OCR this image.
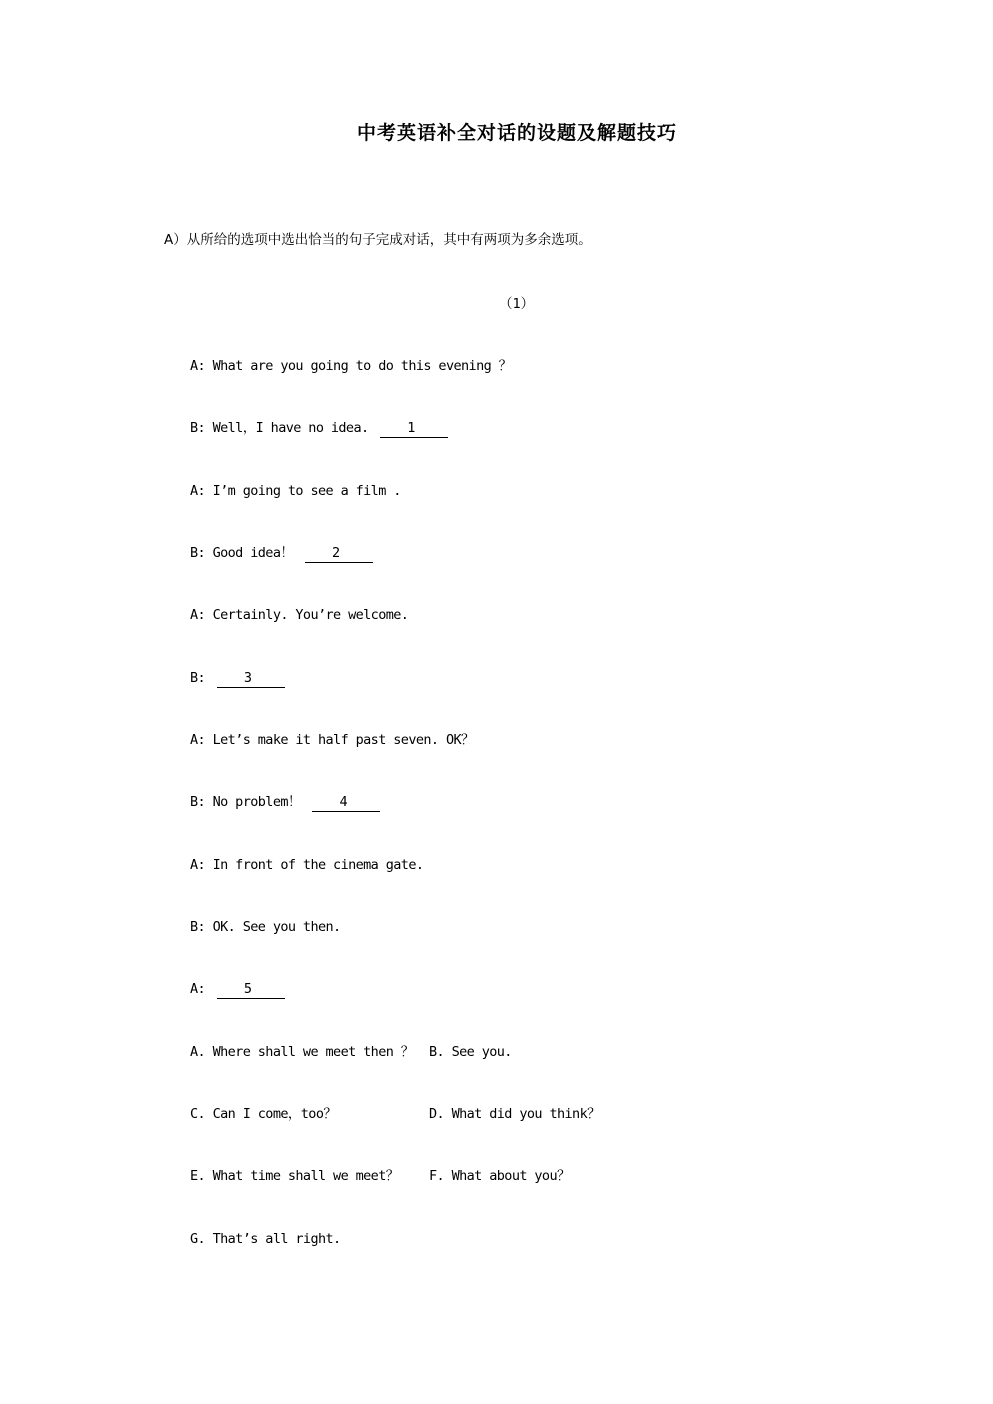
中考英语补全对话的设题及解题技巧
A）从所给的选项中选出恰当的句子完成对话，其中有两项为多余选项。
（1）
A: What are you going to do this evening ？
B: Well，I have no idea.	1
A: I’m going to see a film .
B: Good idea！	2
A: Certainly. You’re welcome.
B:	3
A: Let’s make it half past seven. OK？
B: No problem！	4
A: In front of the cinema gate.
B: OK. See you then.
A:	5
A. Where shall we meet then ？ B. See you.
C. Can I come，too？	D. What did you think？
E. What time shall we meet？ F. What about you？
G. That’s all right.
